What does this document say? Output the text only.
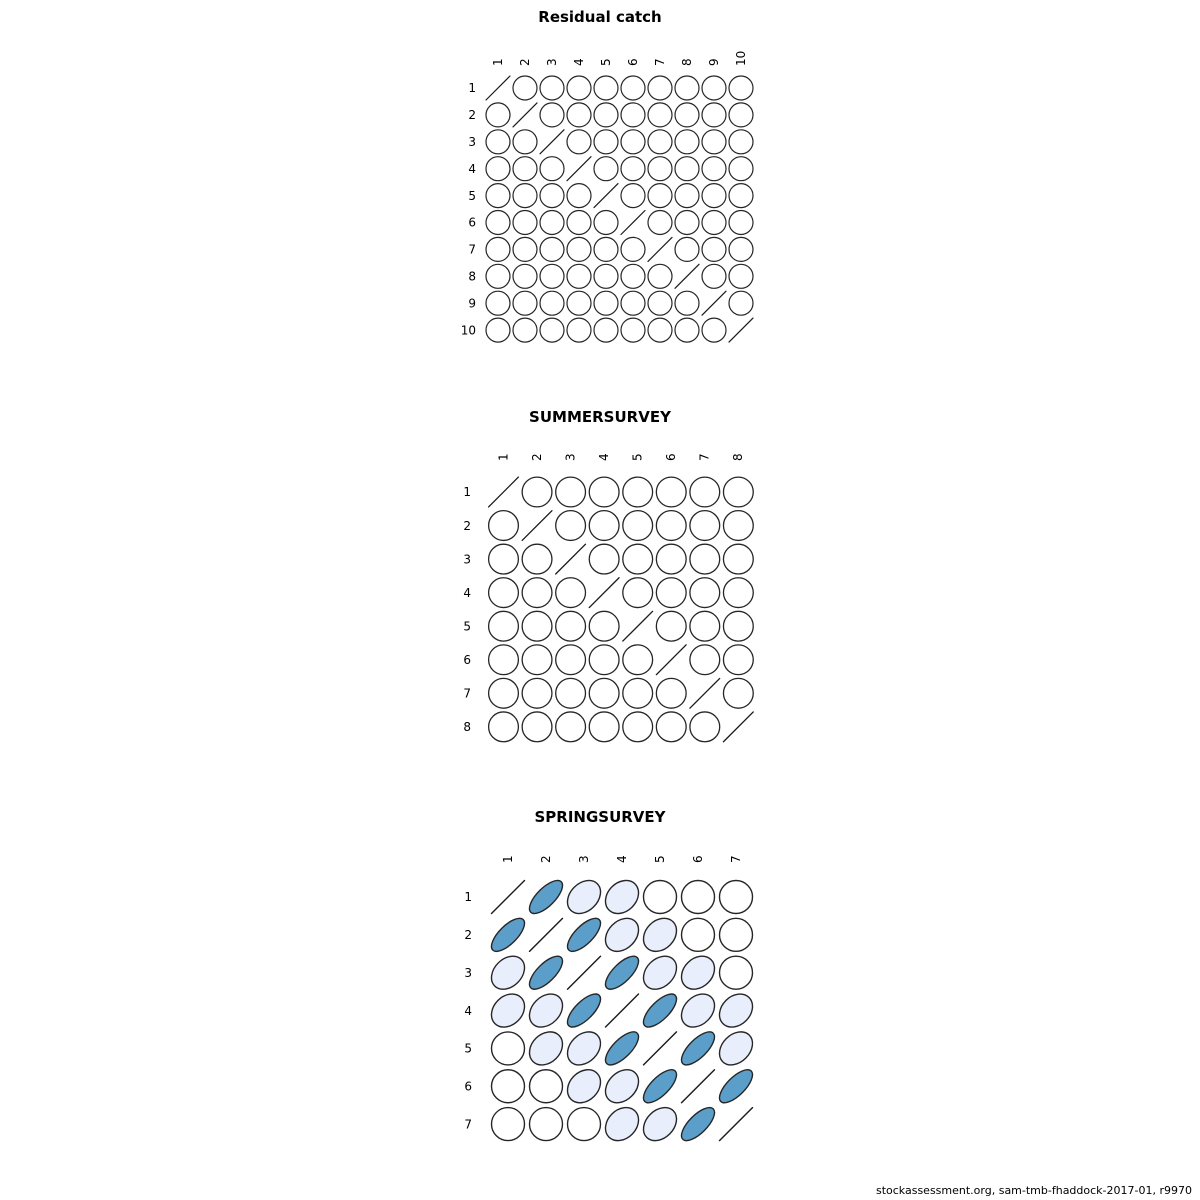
Residual catch
1 2 3 4 5 6 7 8 9 10
1
2
3
4
5
6
7
8
9
10
SUMMERSURVEY
1 2 3 4 5 6 7 8
1
2
3
4
5
6
7
8
SPRINGSURVEY
1 2 3 4 5 6 7
1
2
3
4
5
6
7
stockassessment.org, sam-tmb-fhaddock-2017-01, r9970
